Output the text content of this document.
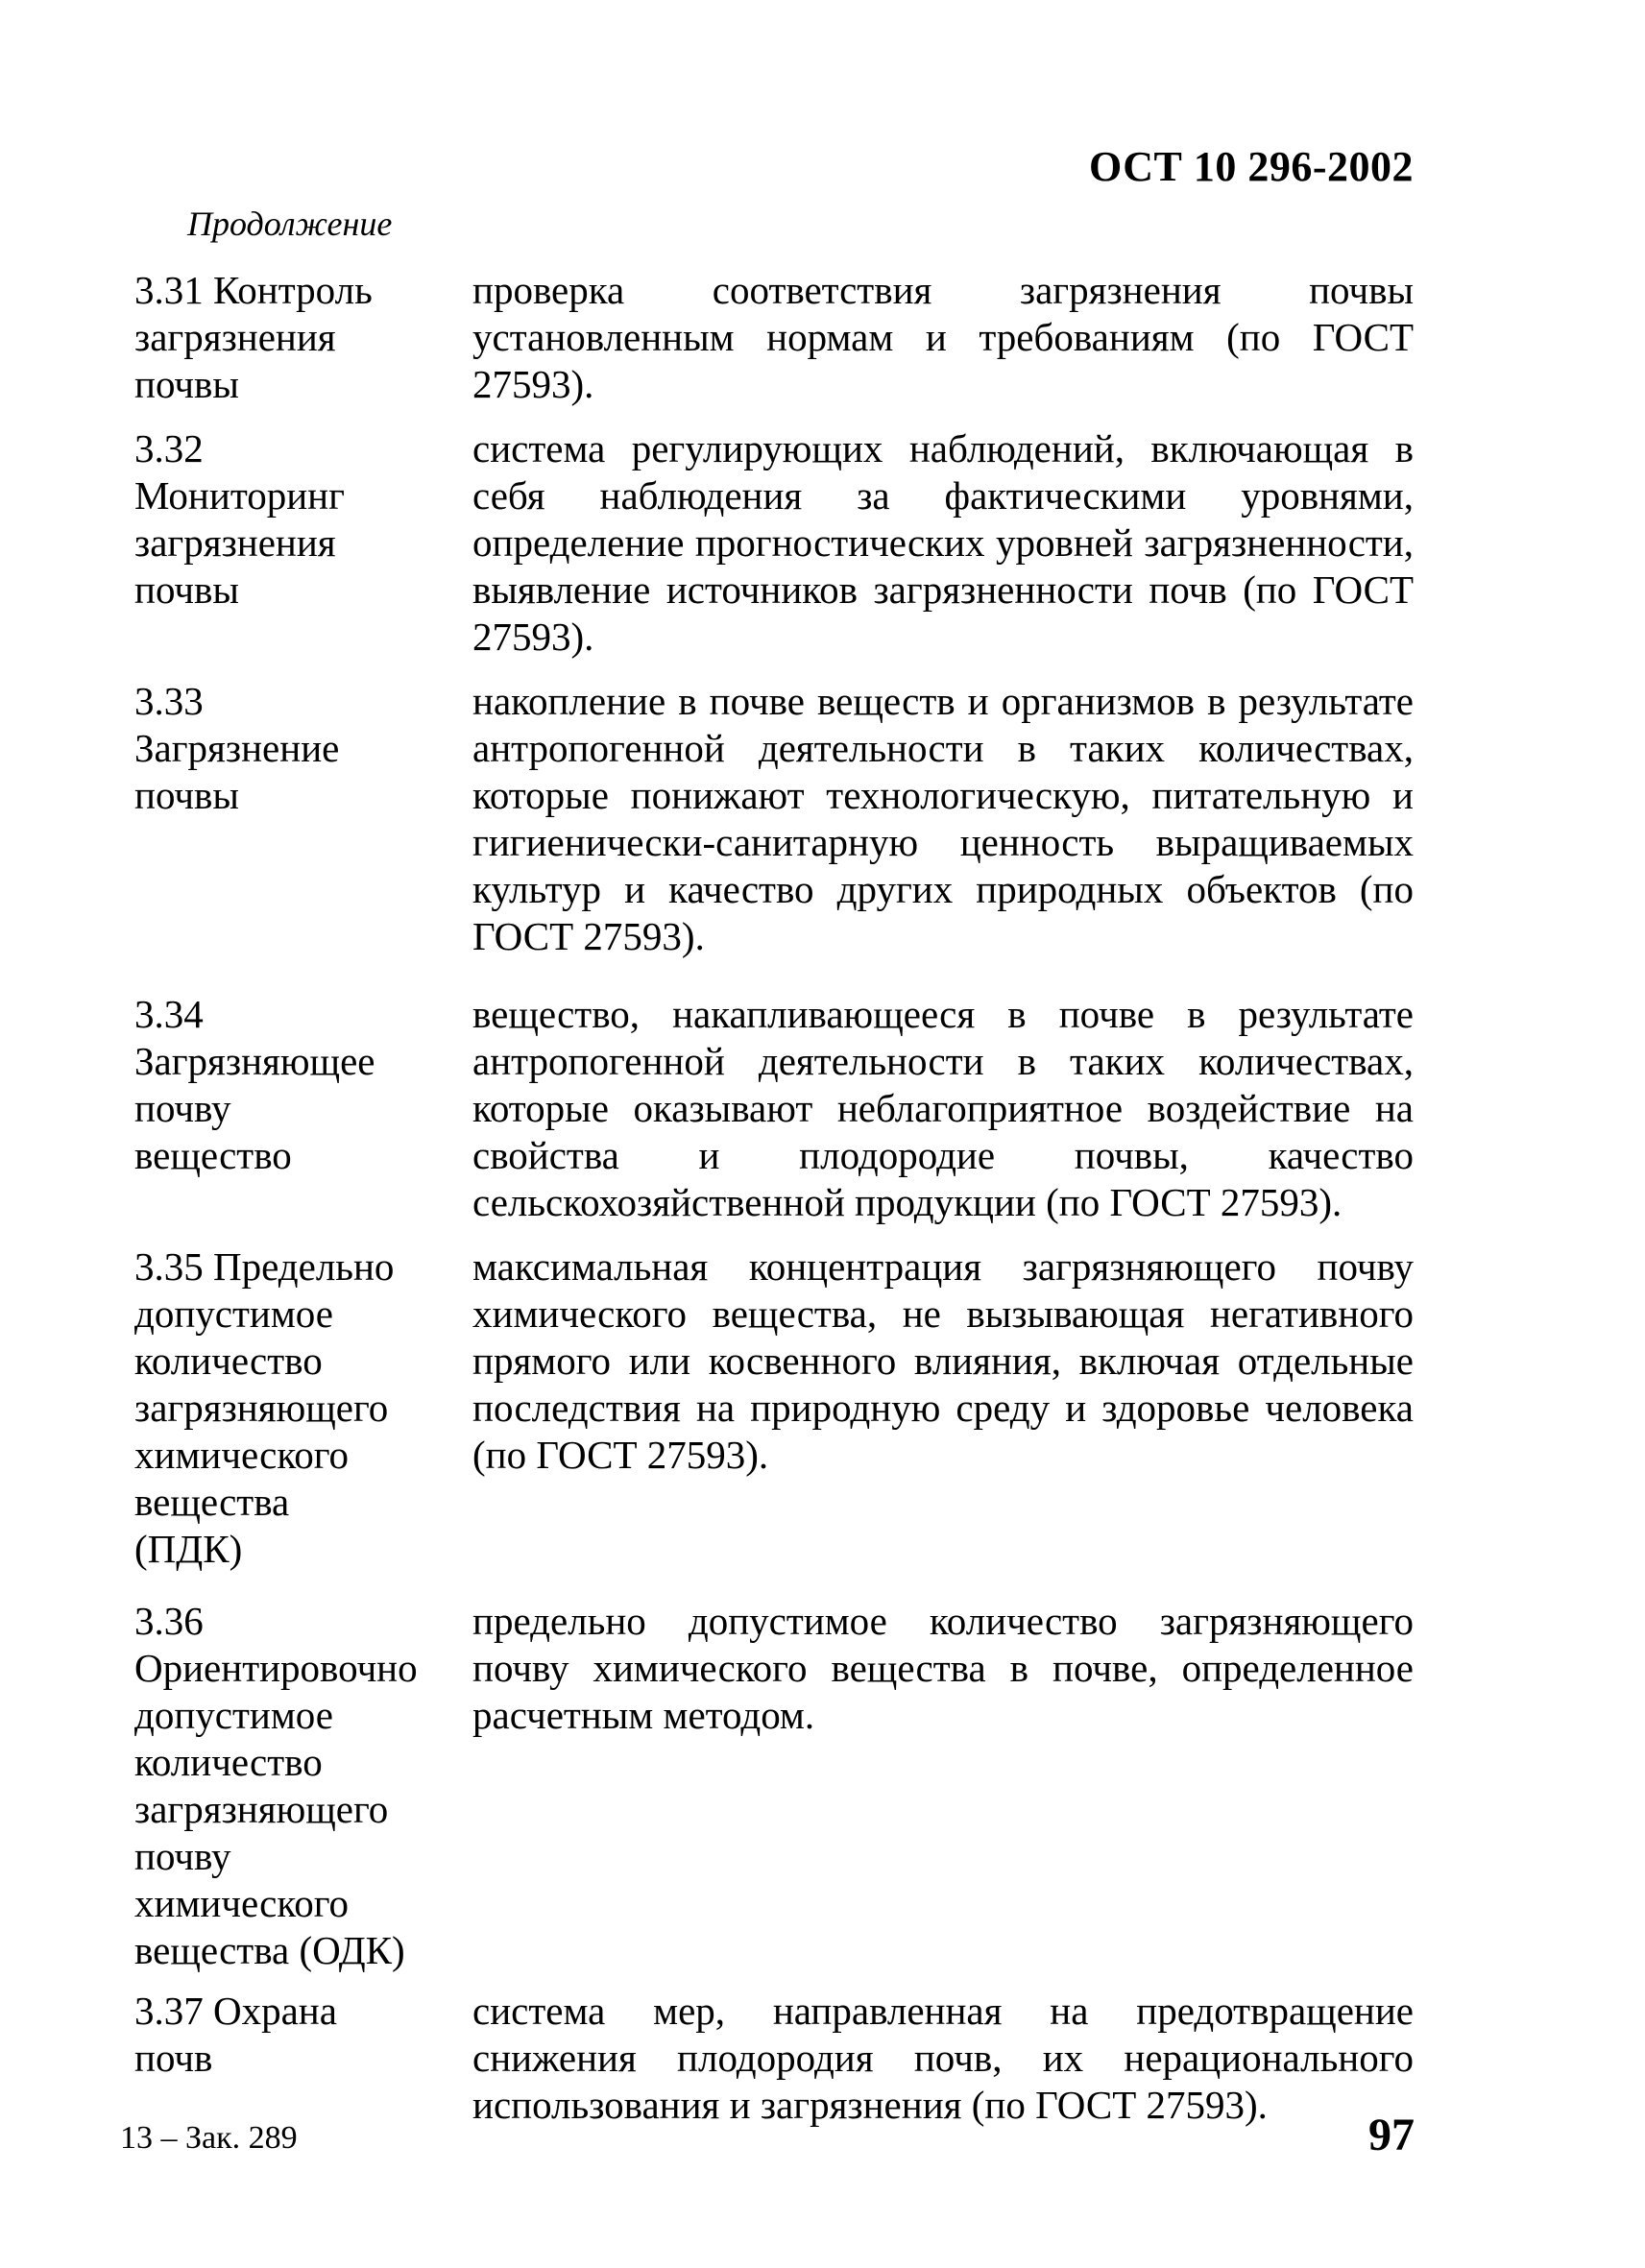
ОСТ 10 296-2002
Продолжение
3.31 Контроль загрязнения почвы
проверка соответствия загрязнения почвы установленным нормам и требованиям (по ГОСТ 27593).
3.32 Мониторинг загрязнения почвы
система регулирующих наблюдений, включающая в себя наблюдения за фактическими уровнями, определение прогностических уровней загрязненности, выявление источников загрязненности почв (по ГОСТ 27593).
3.33 Загрязнение почвы
накопление в почве веществ и организмов в результате антропогенной деятельности в таких количествах, которые понижают технологическую, питательную и гигиенически-санитарную ценность выращиваемых культур и качество других природных объектов (по ГОСТ 27593).
3.34 Загрязняющее почву вещество
вещество, накапливающееся в почве в результате антропогенной деятельности в таких количествах, которые оказывают неблагоприятное воздействие на свойства и плодородие почвы, качество сельскохозяйственной продукции (по ГОСТ 27593).
3.35 Предельно допустимое количество загрязняющего химического вещества (ПДК)
максимальная концентрация загрязняющего почву химического вещества, не вызывающая негативного прямого или косвенного влияния, включая отдельные последствия на природную среду и здоровье человека (по ГОСТ 27593).
3.36 Ориентировочно допустимое количество загрязняющего почву химического вещества (ОДК)
предельно допустимое количество загрязняющего почву химического вещества в почве, определенное расчетным методом.
3.37 Охрана почв
система мер, направленная на предотвращение снижения плодородия почв, их нерационального использования и загрязнения (по ГОСТ 27593).
13 – Зак. 289	97
